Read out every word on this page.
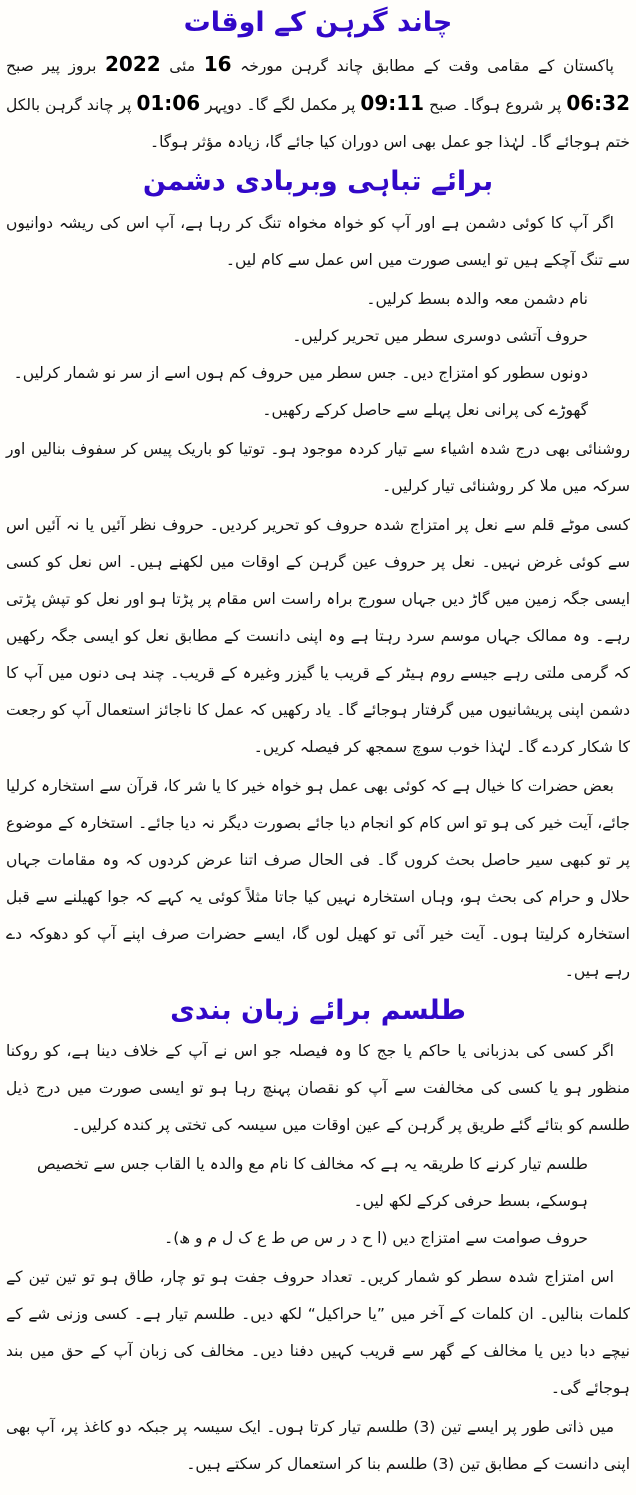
چاند گرہن کے اوقات

پاکستان کے مقامی وقت کے مطابق چاند گرہن مورخہ 16 مئی 2022 بروز پیر صبح 06:32 پر شروع ہوگا۔ صبح 09:11 پر مکمل لگے گا۔ دوپہر 01:06 پر چاند گرہن بالکل ختم ہوجائے گا۔ لہٰذا جو عمل بھی اس دوران کیا جائے گا، زیادہ مؤثر ہوگا۔

برائے تباہی وبربادی دشمن

اگر آپ کا کوئی دشمن ہے اور آپ کو خواہ مخواہ تنگ کر رہا ہے، آپ اس کی ریشہ دوانیوں سے تنگ آچکے ہیں تو ایسی صورت میں اس عمل سے کام لیں۔

نام دشمن معہ والدہ بسط کرلیں۔

حروف آتشی دوسری سطر میں تحریر کرلیں۔

دونوں سطور کو امتزاج دیں۔ جس سطر میں حروف کم ہوں اسے از سر نو شمار کرلیں۔

گھوڑے کی پرانی نعل پہلے سے حاصل کرکے رکھیں۔

روشنائی بھی درج شدہ اشیاء سے تیار کردہ موجود ہو۔ توتیا کو باریک پیس کر سفوف بنالیں اور سرکہ میں ملا کر روشنائی تیار کرلیں۔

کسی موٹے قلم سے نعل پر امتزاج شدہ حروف کو تحریر کردیں۔ حروف نظر آئیں یا نہ آئیں اس سے کوئی غرض نہیں۔ نعل پر حروف عین گرہن کے اوقات میں لکھنے ہیں۔ اس نعل کو کسی ایسی جگہ زمین میں گاڑ دیں جہاں سورج براہ راست اس مقام پر پڑتا ہو اور نعل کو تپش پڑتی رہے۔ وہ ممالک جہاں موسم سرد رہتا ہے وہ اپنی دانست کے مطابق نعل کو ایسی جگہ رکھیں کہ گرمی ملتی رہے جیسے روم ہیٹر کے قریب یا گیزر وغیرہ کے قریب۔ چند ہی دنوں میں آپ کا دشمن اپنی پریشانیوں میں گرفتار ہوجائے گا۔ یاد رکھیں کہ عمل کا ناجائز استعمال آپ کو رجعت کا شکار کردے گا۔ لہٰذا خوب سوچ سمجھ کر فیصلہ کریں۔

بعض حضرات کا خیال ہے کہ کوئی بھی عمل ہو خواہ خیر کا یا شر کا، قرآن سے استخارہ کرلیا جائے، آیت خیر کی ہو تو اس کام کو انجام دیا جائے بصورت دیگر نہ دیا جائے۔ استخارہ کے موضوع پر تو کبھی سیر حاصل بحث کروں گا۔ فی الحال صرف اتنا عرض کردوں کہ وہ مقامات جہاں حلال و حرام کی بحث ہو، وہاں استخارہ نہیں کیا جاتا مثلاً کوئی یہ کہے کہ جوا کھیلنے سے قبل استخارہ کرلیتا ہوں۔ آیت خیر آئی تو کھیل لوں گا، ایسے حضرات صرف اپنے آپ کو دھوکہ دے رہے ہیں۔

طلسم برائے زبان بندی

اگر کسی کی بدزبانی یا حاکم یا جج کا وہ فیصلہ جو اس نے آپ کے خلاف دینا ہے، کو روکنا منظور ہو یا کسی کی مخالفت سے آپ کو نقصان پہنچ رہا ہو تو ایسی صورت میں درج ذیل طلسم کو بتائے گئے طریق پر گرہن کے عین اوقات میں سیسہ کی تختی پر کندہ کرلیں۔

طلسم تیار کرنے کا طریقہ یہ ہے کہ مخالف کا نام مع والدہ یا القاب جس سے تخصیص ہوسکے، بسط حرفی کرکے لکھ لیں۔

حروف صوامت سے امتزاج دیں (ا ح د ر س ص ط ع ک ل م و ھ)۔

اس امتزاج شدہ سطر کو شمار کریں۔ تعداد حروف جفت ہو تو چار، طاق ہو تو تین تین کے کلمات بنالیں۔ ان کلمات کے آخر میں ”یا حراکیل“ لکھ دیں۔ طلسم تیار ہے۔ کسی وزنی شے کے نیچے دبا دیں یا مخالف کے گھر سے قریب کہیں دفنا دیں۔ مخالف کی زبان آپ کے حق میں بند ہوجائے گی۔

میں ذاتی طور پر ایسے تین (3) طلسم تیار کرتا ہوں۔ ایک سیسہ پر جبکہ دو کاغذ پر، آپ بھی اپنی دانست کے مطابق تین (3) طلسم بنا کر استعمال کر سکتے ہیں۔
